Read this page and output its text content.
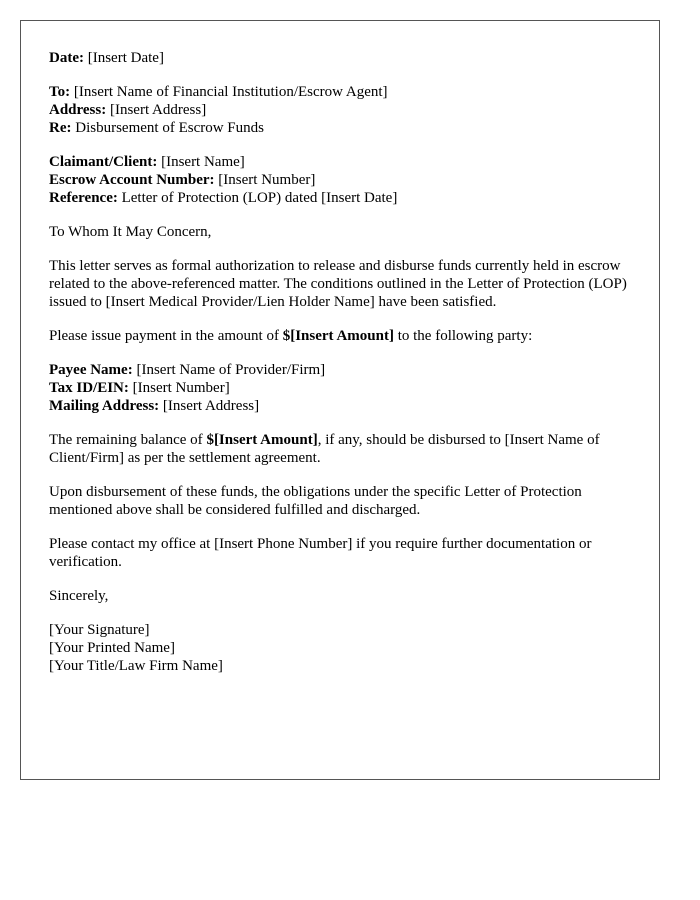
Date: [Insert Date]
To: [Insert Name of Financial Institution/Escrow Agent]
Address: [Insert Address]
Re: Disbursement of Escrow Funds
Claimant/Client: [Insert Name]
Escrow Account Number: [Insert Number]
Reference: Letter of Protection (LOP) dated [Insert Date]

To Whom It May Concern,

This letter serves as formal authorization to release and disburse funds currently held in escrow related to the above-referenced matter. The conditions outlined in the Letter of Protection (LOP) issued to [Insert Medical Provider/Lien Holder Name] have been satisfied.

Please issue payment in the amount of $[Insert Amount] to the following party:

Payee Name: [Insert Name of Provider/Firm]
Tax ID/EIN: [Insert Number]
Mailing Address: [Insert Address]

The remaining balance of $[Insert Amount], if any, should be disbursed to [Insert Name of Client/Firm] as per the settlement agreement.

Upon disbursement of these funds, the obligations under the specific Letter of Protection mentioned above shall be considered fulfilled and discharged.

Please contact my office at [Insert Phone Number] if you require further documentation or verification.

Sincerely,

[Your Signature]
[Your Printed Name]
[Your Title/Law Firm Name]
